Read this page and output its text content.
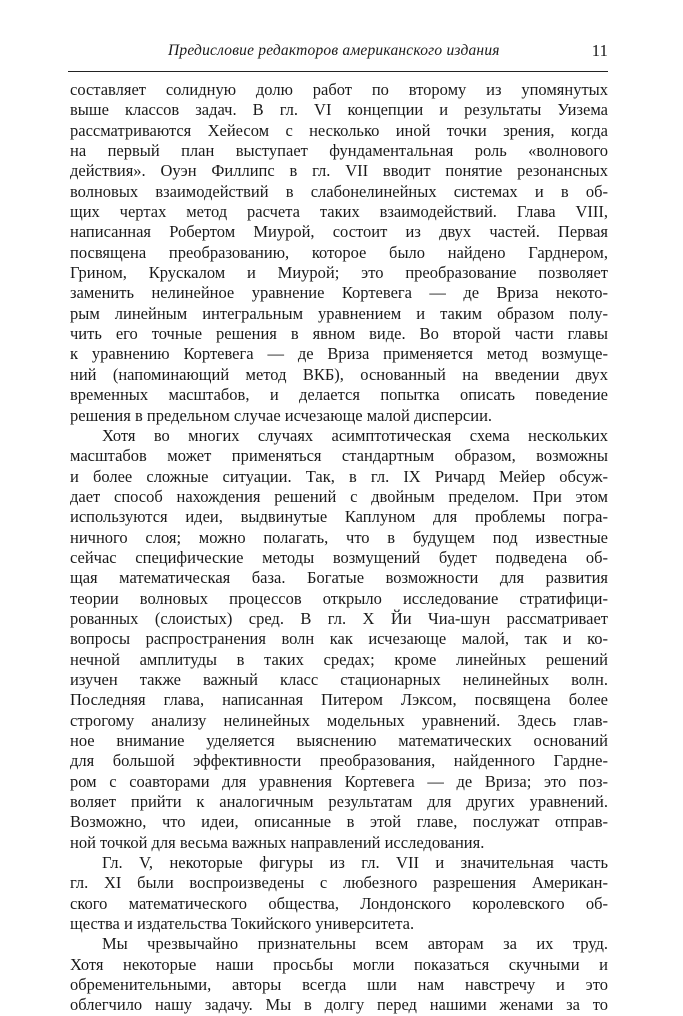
Предисловие редакторов американского издания	11
составляет солидную долю работ по второму из упомянутых
выше классов задач. В гл. VI концепции и результаты Уизема
рассматриваются Хейесом с несколько иной точки зрения, когда
на первый план выступает фундаментальная роль «волнового
действия». Оуэн Филлипс в гл. VII вводит понятие резонансных
волновых взаимодействий в слабонелинейных системах и в об-
щих чертах метод расчета таких взаимодействий. Глава VIII,
написанная Робертом Миурой, состоит из двух частей. Первая
посвящена преобразованию, которое было найдено Гарднером,
Грином, Крускалом и Миурой; это преобразование позволяет
заменить нелинейное уравнение Кортевега — де Вриза некото-
рым линейным интегральным уравнением и таким образом полу-
чить его точные решения в явном виде. Во второй части главы
к уравнению Кортевега — де Вриза применяется метод возмуще-
ний (напоминающий метод ВКБ), основанный на введении двух
временных масштабов, и делается попытка описать поведение
решения в предельном случае исчезающе малой дисперсии.
Хотя во многих случаях асимптотическая схема нескольких
масштабов может применяться стандартным образом, возможны
и более сложные ситуации. Так, в гл. IX Ричард Мейер обсуж-
дает способ нахождения решений с двойным пределом. При этом
используются идеи, выдвинутые Каплуном для проблемы погра-
ничного слоя; можно полагать, что в будущем под известные
сейчас специфические методы возмущений будет подведена об-
щая математическая база. Богатые возможности для развития
теории волновых процессов открыло исследование стратифици-
рованных (слоистых) сред. В гл. X Йи Чиа-шун рассматривает
вопросы распространения волн как исчезающе малой, так и ко-
нечной амплитуды в таких средах; кроме линейных решений
изучен также важный класс стационарных нелинейных волн.
Последняя глава, написанная Питером Лэксом, посвящена более
строгому анализу нелинейных модельных уравнений. Здесь глав-
ное внимание уделяется выяснению математических оснований
для большой эффективности преобразования, найденного Гардне-
ром с соавторами для уравнения Кортевега — де Вриза; это поз-
воляет прийти к аналогичным результатам для других уравнений.
Возможно, что идеи, описанные в этой главе, послужат отправ-
ной точкой для весьма важных направлений исследования.
Гл. V, некоторые фигуры из гл. VII и значительная часть
гл. XI были воспроизведены с любезного разрешения Американ-
ского математического общества, Лондонского королевского об-
щества и издательства Токийского университета.
Мы чрезвычайно признательны всем авторам за их труд.
Хотя некоторые наши просьбы могли показаться скучными и
обременительными, авторы всегда шли нам навстречу и это
облегчило нашу задачу. Мы в долгу перед нашими женами за то
